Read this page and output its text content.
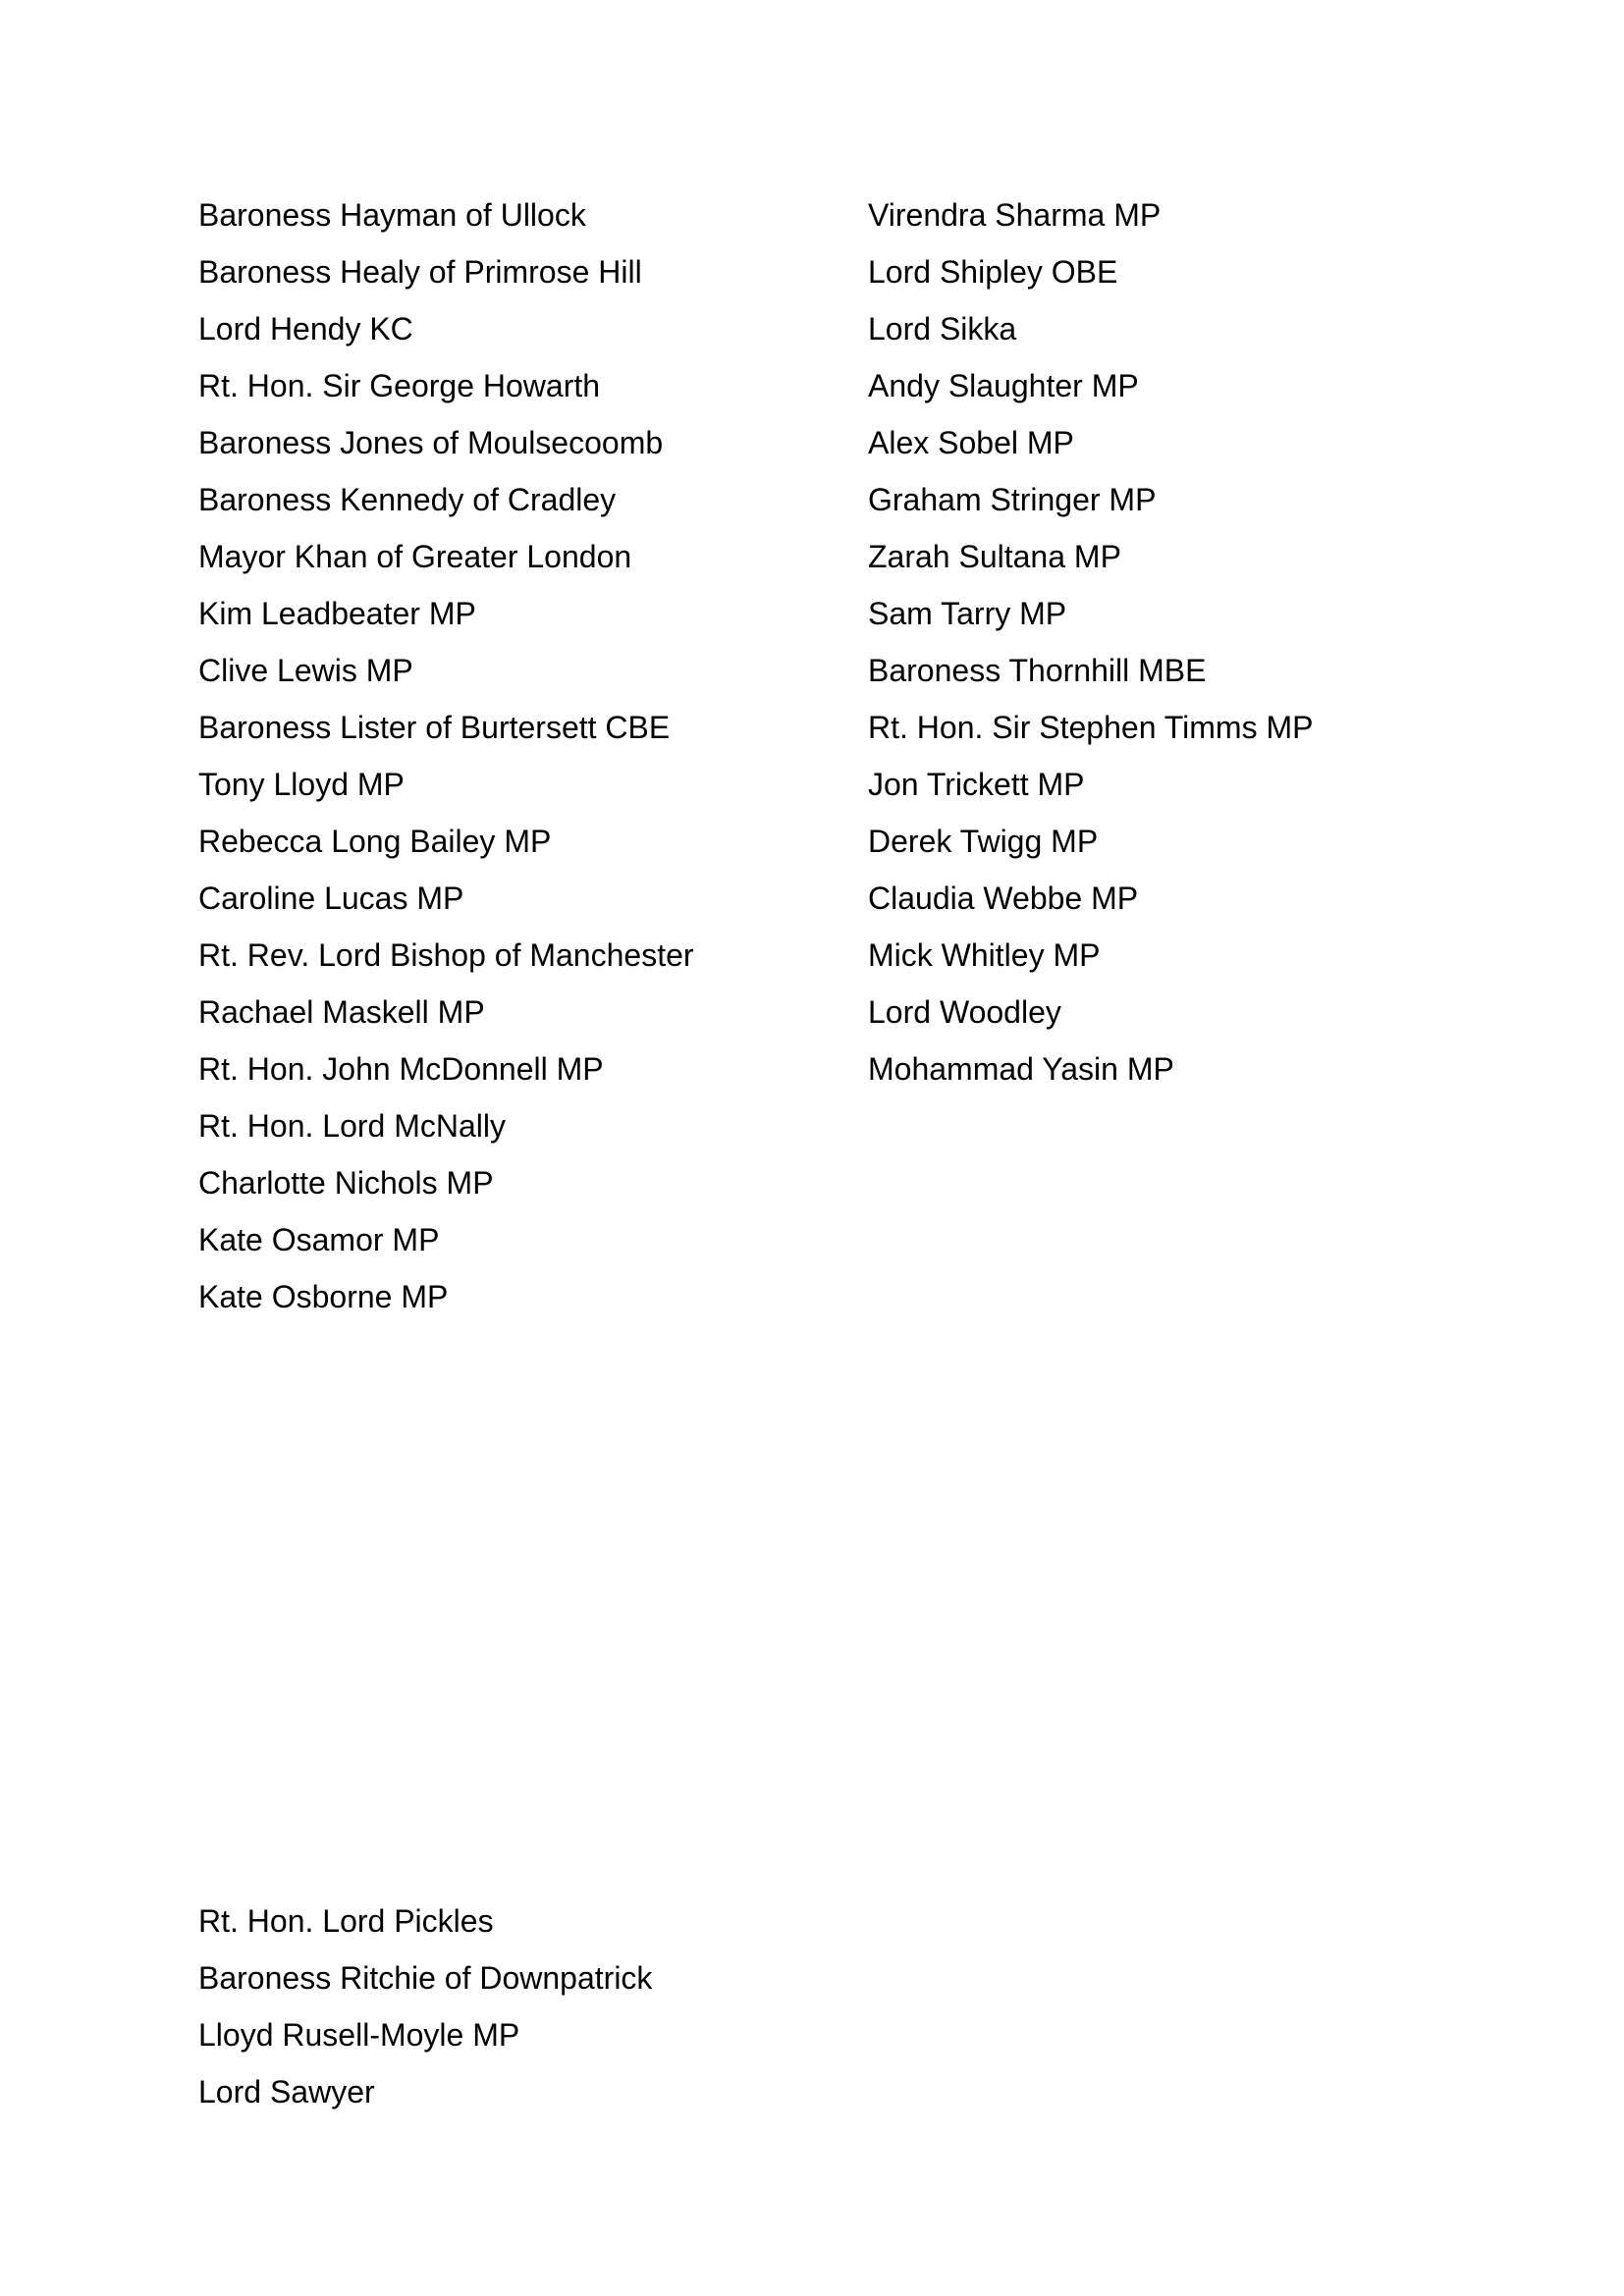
Baroness Hayman of Ullock
Baroness Healy of Primrose Hill
Lord Hendy KC
Rt. Hon. Sir George Howarth
Baroness Jones of Moulsecoomb
Baroness Kennedy of Cradley
Mayor Khan of Greater London
Kim Leadbeater MP
Clive Lewis MP
Baroness Lister of Burtersett CBE
Tony Lloyd MP
Rebecca Long Bailey MP
Caroline Lucas MP
Rt. Rev. Lord Bishop of Manchester
Rachael Maskell MP
Rt. Hon. John McDonnell MP
Rt. Hon. Lord McNally
Charlotte Nichols MP
Kate Osamor MP
Kate Osborne MP
Virendra Sharma MP
Lord Shipley OBE
Lord Sikka
Andy Slaughter MP
Alex Sobel MP
Graham Stringer MP
Zarah Sultana MP
Sam Tarry MP
Baroness Thornhill MBE
Rt. Hon. Sir Stephen Timms MP
Jon Trickett MP
Derek Twigg MP
Claudia Webbe MP
Mick Whitley MP
Lord Woodley
Mohammad Yasin MP
Rt. Hon. Lord Pickles
Baroness Ritchie of Downpatrick
Lloyd Rusell-Moyle MP
Lord Sawyer
